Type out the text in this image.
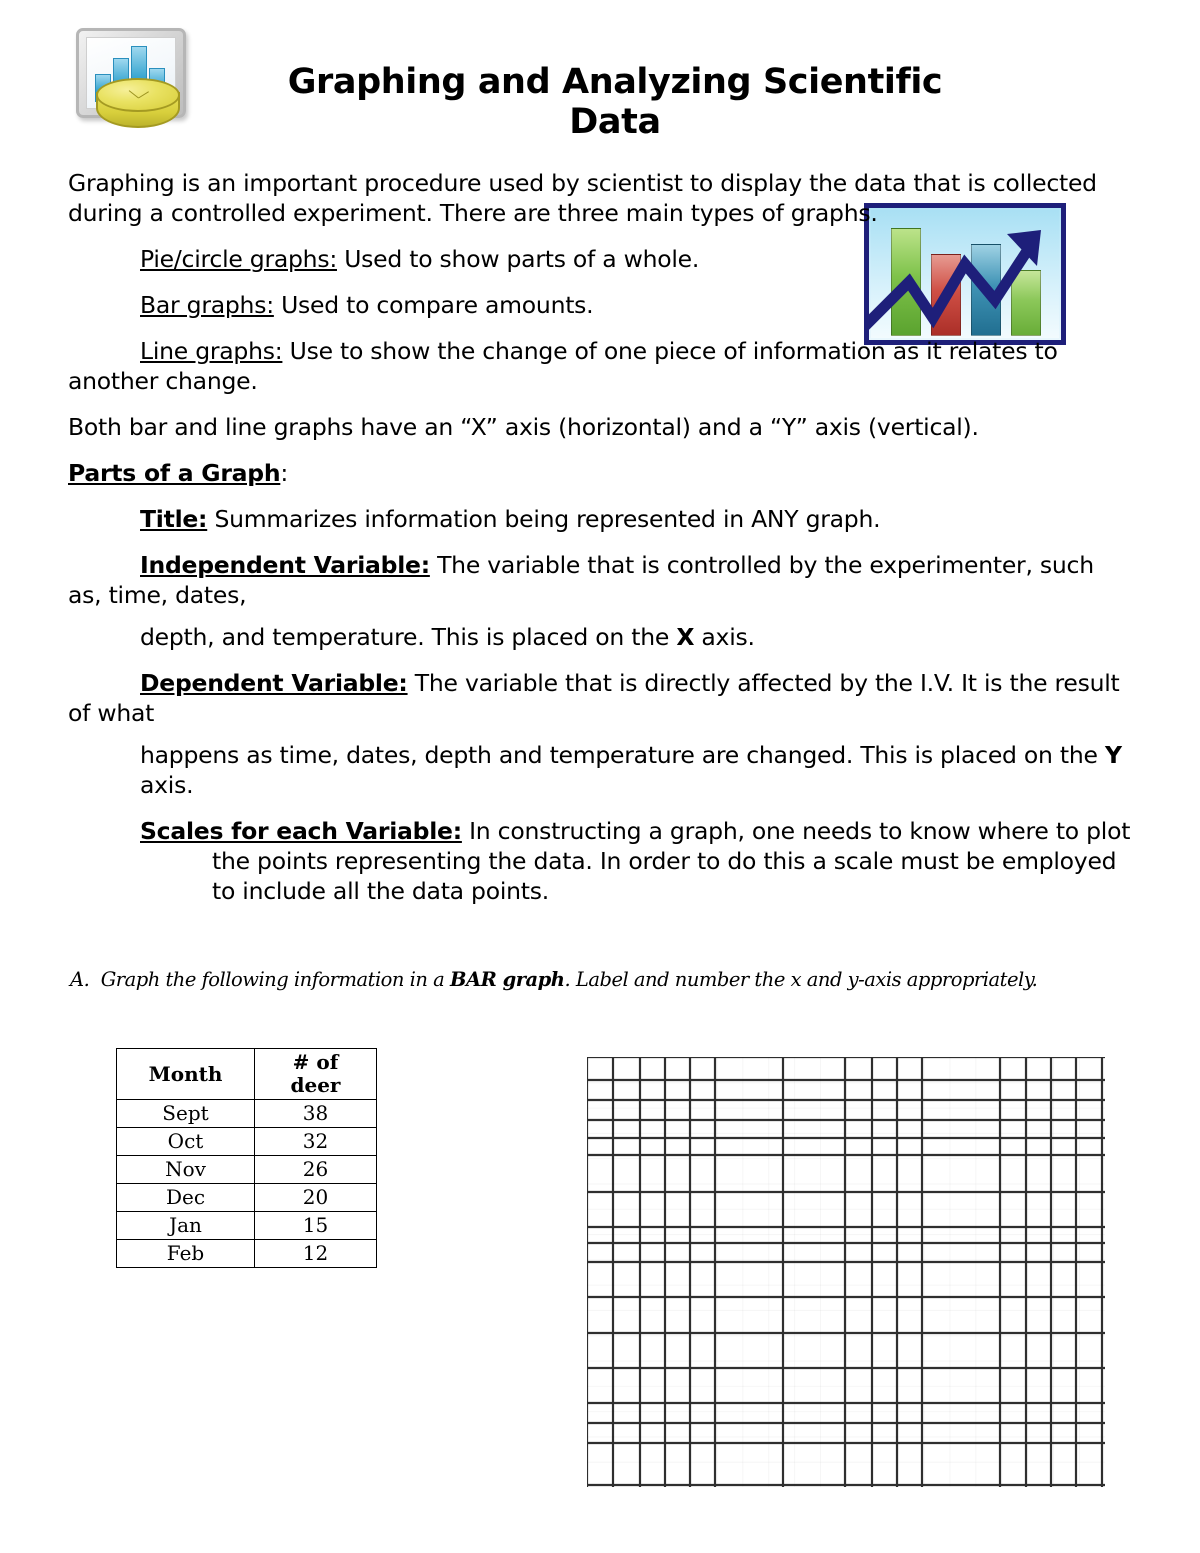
Graphing and Analyzing Scientific Data

Graphing is an important procedure used by scientist to display the data that is collected during a controlled experiment. There are three main types of graphs.

Pie/circle graphs: Used to show parts of a whole.

Bar graphs: Used to compare amounts.

Line graphs: Use to show the change of one piece of information as it relates to another change.

Both bar and line graphs have an “X” axis (horizontal) and a “Y” axis (vertical).

Parts of a Graph:

Title: Summarizes information being represented in ANY graph.

Independent Variable: The variable that is controlled by the experimenter, such as, time, dates,

depth, and temperature. This is placed on the X axis.

Dependent Variable: The variable that is directly affected by the I.V. It is the result of what

happens as time, dates, depth and temperature are changed. This is placed on the Y axis.

Scales for each Variable: In constructing a graph, one needs to know where to plot the points representing the data. In order to do this a scale must be employed to include all the data points.

A. Graph the following information in a BAR graph. Label and number the x and y-axis appropriately.
Month	# of deer
Sept	38
Oct	32
Nov	26
Dec	20
Jan	15
Feb	12
